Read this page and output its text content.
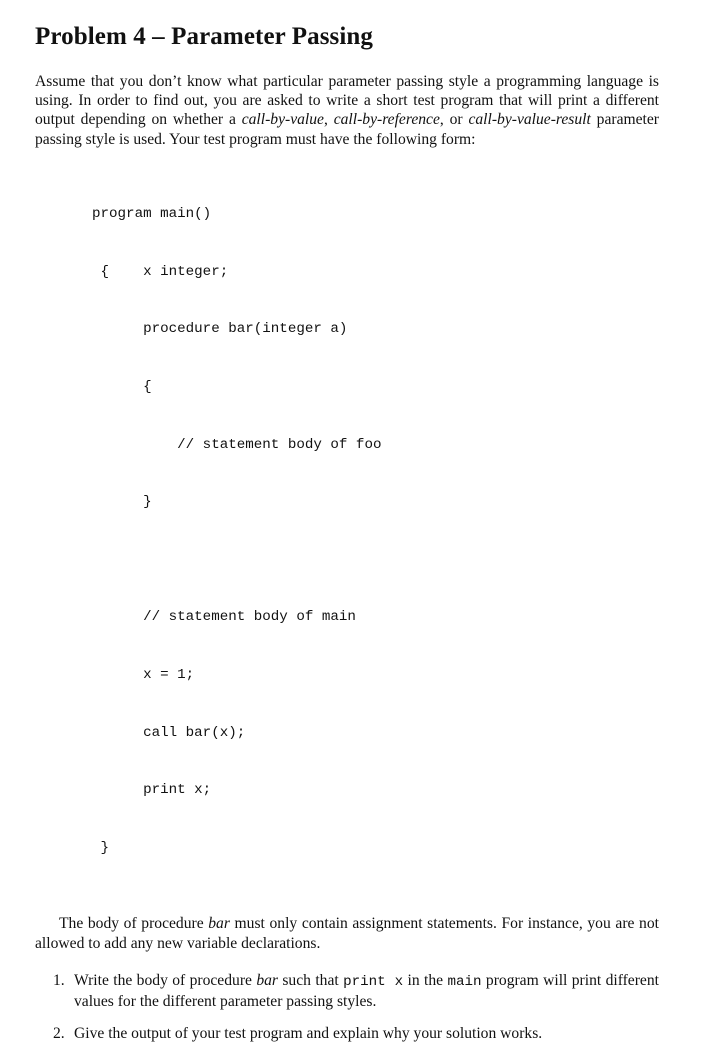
Problem 4 – Parameter Passing

Assume that you don’t know what particular parameter passing style a programming language is using. In order to find out, you are asked to write a short test program that will print a different output depending on whether a call-by-value, call-by-reference, or call-by-value-result parameter passing style is used. Your test program must have the following form:

program main()

{    x integer;

procedure bar(integer a)

{

// statement body of foo

}

// statement body of main

x = 1;

call bar(x);

print x;

}

The body of procedure bar must only contain assignment statements. For instance, you are not allowed to add any new variable declarations.

1. Write the body of procedure bar such that print x in the main program will print different values for the different parameter passing styles.
2. Give the output of your test program and explain why your solution works.
